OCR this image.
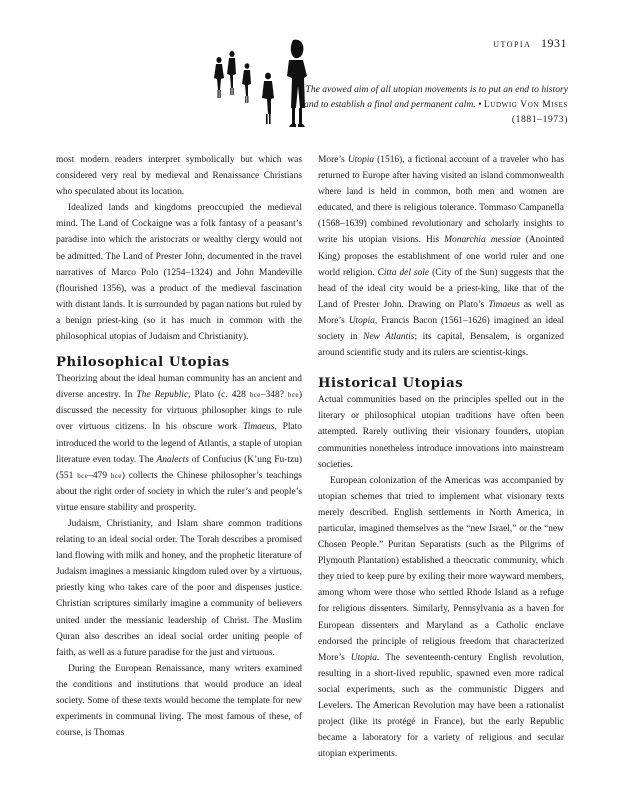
utopia 1931
The avowed aim of all utopian movements is to put an end to history and to establish a final and permanent calm. • Ludwig Von Mises (1881–1973)

most modern readers interpret symbolically but which was considered very real by medieval and Renaissance Christians who speculated about its location.

Idealized lands and kingdoms preoccupied the medieval mind. The Land of Cockaigne was a folk fantasy of a peasant’s paradise into which the aristocrats or wealthy clergy would not be admitted. The Land of Prester John, documented in the travel narratives of Marco Polo (1254–1324) and John Mandeville (flourished 1356), was a product of the medieval fascination with distant lands. It is surrounded by pagan nations but ruled by a benign priest-king (so it has much in common with the philosophical utopias of Judaism and Christianity).

Philosophical Utopias

Theorizing about the ideal human community has an ancient and diverse ancestry. In The Republic, Plato (c. 428 bce–348? bce) discussed the necessity for virtuous philosopher kings to rule over virtuous citizens. In his obscure work Timaeus, Plato introduced the world to the legend of Atlantis, a staple of utopian literature even today. The Analects of Confucius (K’ung Fu-tzu) (551 bce–479 bce) collects the Chinese philosopher’s teachings about the right order of society in which the ruler’s and people’s virtue ensure stability and prosperity.

Judaism, Christianity, and Islam share common traditions relating to an ideal social order. The Torah describes a promised land flowing with milk and honey, and the prophetic literature of Judaism imagines a messianic kingdom ruled over by a virtuous, priestly king who takes care of the poor and dispenses justice. Christian scriptures similarly imagine a community of believers united under the messianic leadership of Christ. The Muslim Quran also describes an ideal social order uniting people of faith, as well as a future paradise for the just and virtuous.

During the European Renaissance, many writers examined the conditions and institutions that would produce an ideal society. Some of these texts would become the template for new experiments in communal living. The most famous of these, of course, is Thomas

More’s Utopia (1516), a fictional account of a traveler who has returned to Europe after having visited an island commonwealth where land is held in common, both men and women are educated, and there is religious tolerance. Tommaso Campanella (1568–1639) combined revolutionary and scholarly insights to write his utopian visions. His Monarchia messiae (Anointed King) proposes the establishment of one world ruler and one world religion. Citta del sole (City of the Sun) suggests that the head of the ideal city would be a priest-king, like that of the Land of Prester John. Drawing on Plato’s Timaeus as well as More’s Utopia, Francis Bacon (1561–1626) imagined an ideal society in New Atlantis; its capital, Bensalem, is organized around scientific study and its rulers are scientist-kings.

Historical Utopias

Actual communities based on the principles spelled out in the literary or philosophical utopian traditions have often been attempted. Rarely outliving their visionary founders, utopian communities nonetheless introduce innovations into mainstream societies.

European colonization of the Americas was accompanied by utopian schemes that tried to implement what visionary texts merely described. English settlements in North America, in particular, imagined themselves as the “new Israel,” or the “new Chosen People.” Puritan Separatists (such as the Pilgrims of Plymouth Plantation) established a theocratic community, which they tried to keep pure by exiling their more wayward members, among whom were those who settled Rhode Island as a refuge for religious dissenters. Similarly, Pennsylvania as a haven for European dissenters and Maryland as a Catholic enclave endorsed the principle of religious freedom that characterized More’s Utopia. The seventeenth-century English revolution, resulting in a short-lived republic, spawned even more radical social experiments, such as the communistic Diggers and Levelers. The American Revolution may have been a rationalist project (like its protégé in France), but the early Republic became a laboratory for a variety of religious and secular utopian experiments.
